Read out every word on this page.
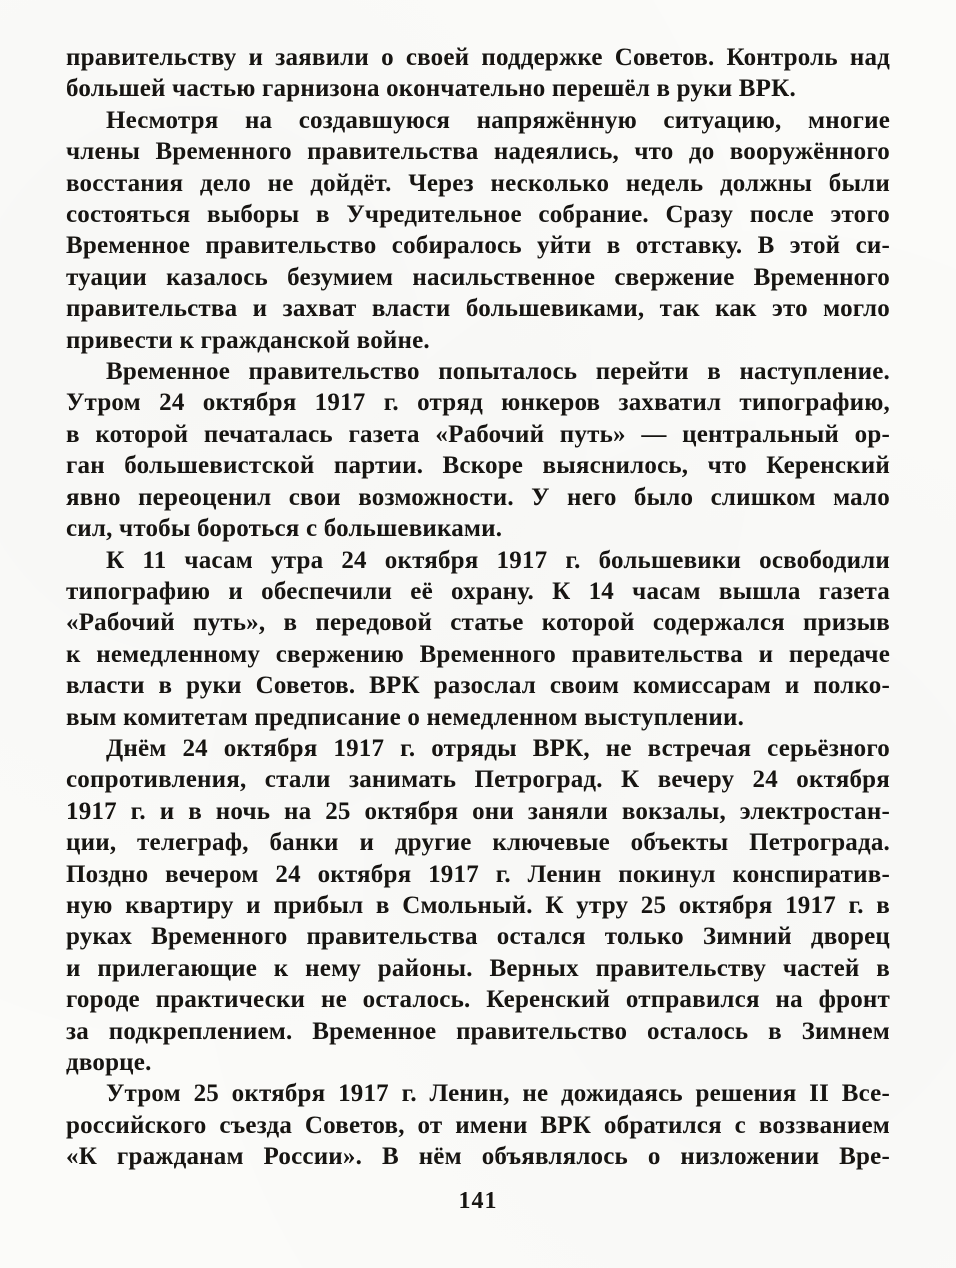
правительству и заявили о своей поддержке Советов. Контроль над
большей частью гарнизона окончательно перешёл в руки ВРК.
Несмотря на создавшуюся напряжённую ситуацию, многие
члены Временного правительства надеялись, что до вооружённого
восстания дело не дойдёт. Через несколько недель должны были
состояться выборы в Учредительное собрание. Сразу после этого
Временное правительство собиралось уйти в отставку. В этой си-
туации казалось безумием насильственное свержение Временного
правительства и захват власти большевиками, так как это могло
привести к гражданской войне.
Временное правительство попыталось перейти в наступление.
Утром 24 октября 1917 г. отряд юнкеров захватил типографию,
в которой печаталась газета «Рабочий путь» — центральный ор-
ган большевистской партии. Вскоре выяснилось, что Керенский
явно переоценил свои возможности. У него было слишком мало
сил, чтобы бороться с большевиками.
К 11 часам утра 24 октября 1917 г. большевики освободили
типографию и обеспечили её охрану. К 14 часам вышла газета
«Рабочий путь», в передовой статье которой содержался призыв
к немедленному свержению Временного правительства и передаче
власти в руки Советов. ВРК разослал своим комиссарам и полко-
вым комитетам предписание о немедленном выступлении.
Днём 24 октября 1917 г. отряды ВРК, не встречая серьёзного
сопротивления, стали занимать Петроград. К вечеру 24 октября
1917 г. и в ночь на 25 октября они заняли вокзалы, электростан-
ции, телеграф, банки и другие ключевые объекты Петрограда.
Поздно вечером 24 октября 1917 г. Ленин покинул конспиратив-
ную квартиру и прибыл в Смольный. К утру 25 октября 1917 г. в
руках Временного правительства остался только Зимний дворец
и прилегающие к нему районы. Верных правительству частей в
городе практически не осталось. Керенский отправился на фронт
за подкреплением. Временное правительство осталось в Зимнем
дворце.
Утром 25 октября 1917 г. Ленин, не дожидаясь решения II Все-
российского съезда Советов, от имени ВРК обратился с воззванием
«К гражданам России». В нём объявлялось о низложении Вре-
141
